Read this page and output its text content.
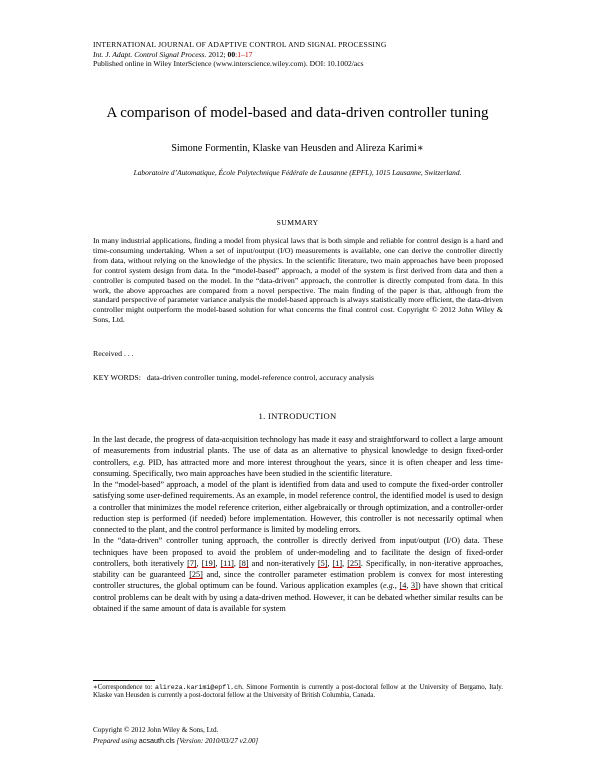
INTERNATIONAL JOURNAL OF ADAPTIVE CONTROL AND SIGNAL PROCESSING
Int. J. Adapt. Control Signal Process. 2012; 00:1–17
Published online in Wiley InterScience (www.interscience.wiley.com). DOI: 10.1002/acs
A comparison of model-based and data-driven controller tuning
Simone Formentin, Klaske van Heusden and Alireza Karimi∗
Laboratoire d’Automatique, École Polytechnique Fédérale de Lausanne (EPFL), 1015 Lausanne, Switzerland.
SUMMARY
In many industrial applications, finding a model from physical laws that is both simple and reliable for control design is a hard and time-consuming undertaking. When a set of input/output (I/O) measurements is available, one can derive the controller directly from data, without relying on the knowledge of the physics. In the scientific literature, two main approaches have been proposed for control system design from data. In the “model-based” approach, a model of the system is first derived from data and then a controller is computed based on the model. In the “data-driven” approach, the controller is directly computed from data. In this work, the above approaches are compared from a novel perspective. The main finding of the paper is that, although from the standard perspective of parameter variance analysis the model-based approach is always statistically more efficient, the data-driven controller might outperform the model-based solution for what concerns the final control cost. Copyright © 2012 John Wiley & Sons, Ltd.
Received . . .
KEY WORDS: data-driven controller tuning, model-reference control, accuracy analysis
1. INTRODUCTION

In the last decade, the progress of data-acquisition technology has made it easy and straightforward to collect a large amount of measurements from industrial plants. The use of data as an alternative to physical knowledge to design fixed-order controllers, e.g. PID, has attracted more and more interest throughout the years, since it is often cheaper and less time-consuming. Specifically, two main approaches have been studied in the scientific literature.

In the “model-based” approach, a model of the plant is identified from data and used to compute the fixed-order controller satisfying some user-defined requirements. As an example, in model reference control, the identified model is used to design a controller that minimizes the model reference criterion, either algebraically or through optimization, and a controller-order reduction step is performed (if needed) before implementation. However, this controller is not necessarily optimal when connected to the plant, and the control performance is limited by modeling errors.

In the “data-driven” controller tuning approach, the controller is directly derived from input/output (I/O) data. These techniques have been proposed to avoid the problem of under-modeling and to facilitate the design of fixed-order controllers, both iteratively [7], [19], [11], [8] and non-iteratively [5], [1], [25]. Specifically, in non-iterative approaches, stability can be guaranteed [25] and, since the controller parameter estimation problem is convex for most interesting controller structures, the global optimum can be found. Various application examples (e.g., [4, 3]) have shown that critical control problems can be dealt with by using a data-driven method. However, it can be debated whether similar results can be obtained if the same amount of data is available for system

∗Correspondence to: alireza.karimi@epfl.ch. Simone Formentin is currently a post-doctoral fellow at the University of Bergamo, Italy. Klaske van Heusden is currently a post-doctoral fellow at the University of British Columbia, Canada.
Copyright © 2012 John Wiley & Sons, Ltd.
Prepared using acsauth.cls [Version: 2010/03/27 v2.00]
